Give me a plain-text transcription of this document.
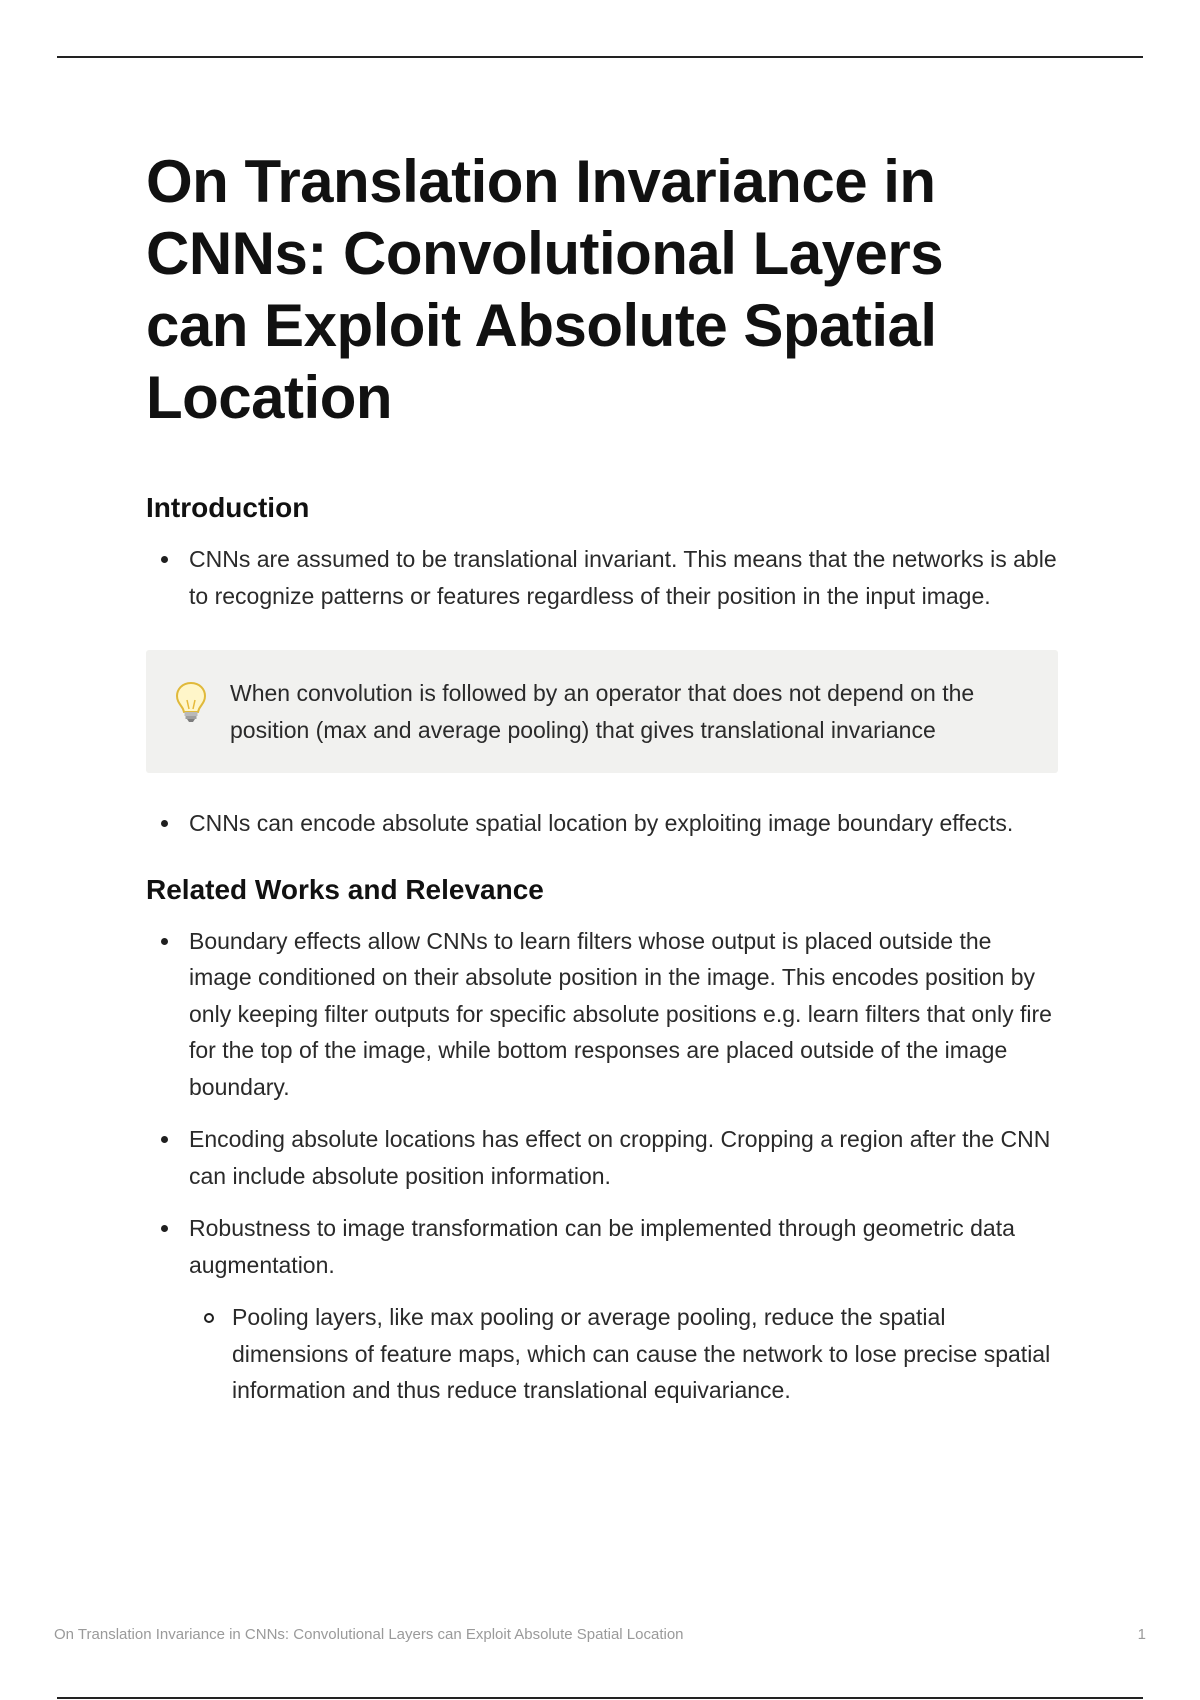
On Translation Invariance in CNNs: Convolutional Layers can Exploit Absolute Spatial Location
Introduction
CNNs are assumed to be translational invariant. This means that the networks is able to recognize patterns or features regardless of their position in the input image.
When convolution is followed by an operator that does not depend on the position (max and average pooling) that gives translational invariance
CNNs can encode absolute spatial location by exploiting image boundary effects.
Related Works and Relevance
Boundary effects allow CNNs to learn filters whose output is placed outside the image conditioned on their absolute position in the image. This encodes position by only keeping filter outputs for specific absolute positions e.g. learn filters that only fire for the top of the image, while bottom responses are placed outside of the image boundary.
Encoding absolute locations has effect on cropping. Cropping a region after the CNN can include absolute position information.
Robustness to image transformation can be implemented through geometric data augmentation.
Pooling layers, like max pooling or average pooling, reduce the spatial dimensions of feature maps, which can cause the network to lose precise spatial information and thus reduce translational equivariance.
On Translation Invariance in CNNs: Convolutional Layers can Exploit Absolute Spatial Location	1
